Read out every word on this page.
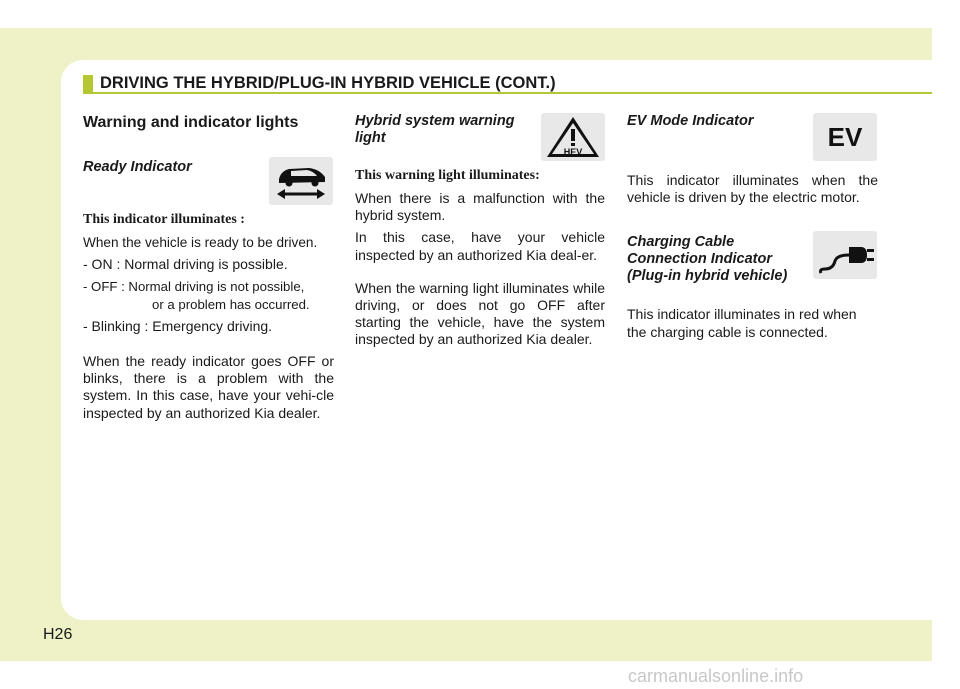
DRIVING THE HYBRID/PLUG-IN HYBRID VEHICLE (CONT.)
Warning and indicator lights
Ready Indicator

This indicator illuminates :

When the vehicle is ready to be driven.

- ON : Normal driving is possible.

- OFF : Normal driving is not possible,

or a problem has occurred.

- Blinking : Emergency driving.

When the ready indicator goes OFF or blinks, there is a problem with the system. In this case, have your vehi-cle inspected by an authorized Kia dealer.

Hybrid system warning light

This warning light illuminates:

When there is a malfunction with the hybrid system.

In this case, have your vehicle inspected by an authorized Kia deal-er.

When the warning light illuminates while driving, or does not go OFF after starting the vehicle, have the system inspected by an authorized Kia dealer.

HEV
EV Mode Indicator

This indicator illuminates when the vehicle is driven by the electric motor.

Charging Cable
Connection Indicator
(Plug-in hybrid vehicle)

This indicator illuminates in red when the charging cable is connected.

EV
H26
carmanualsonline.info
